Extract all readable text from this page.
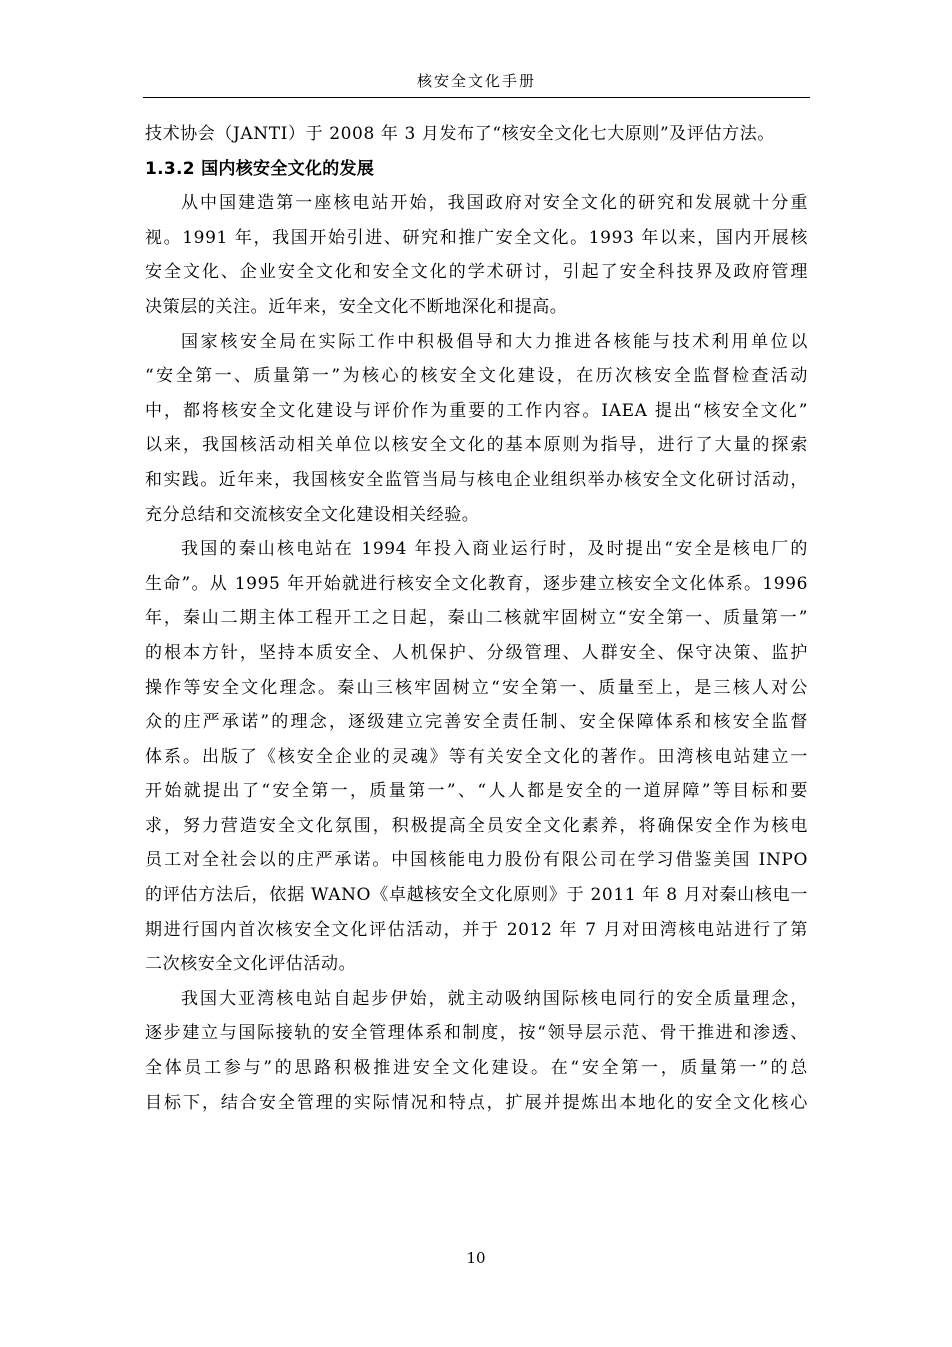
核安全文化手册
技术协会（JANTI）于 2008 年 3 月发布了“核安全文化七大原则”及评估方法。
1.3.2 国内核安全文化的发展
从中国建造第一座核电站开始，我国政府对安全文化的研究和发展就十分重
视。1991 年，我国开始引进、研究和推广安全文化。1993 年以来，国内开展核
安全文化、企业安全文化和安全文化的学术研讨，引起了安全科技界及政府管理
决策层的关注。近年来，安全文化不断地深化和提高。
国家核安全局在实际工作中积极倡导和大力推进各核能与技术利用单位以
“安全第一、质量第一”为核心的核安全文化建设，在历次核安全监督检查活动
中，都将核安全文化建设与评价作为重要的工作内容。IAEA 提出“核安全文化”
以来，我国核活动相关单位以核安全文化的基本原则为指导，进行了大量的探索
和实践。近年来，我国核安全监管当局与核电企业组织举办核安全文化研讨活动，
充分总结和交流核安全文化建设相关经验。
我国的秦山核电站在 1994 年投入商业运行时，及时提出“安全是核电厂的
生命”。从 1995 年开始就进行核安全文化教育，逐步建立核安全文化体系。1996
年，秦山二期主体工程开工之日起，秦山二核就牢固树立“安全第一、质量第一”
的根本方针，坚持本质安全、人机保护、分级管理、人群安全、保守决策、监护
操作等安全文化理念。秦山三核牢固树立“安全第一、质量至上，是三核人对公
众的庄严承诺”的理念，逐级建立完善安全责任制、安全保障体系和核安全监督
体系。出版了《核安全企业的灵魂》等有关安全文化的著作。田湾核电站建立一
开始就提出了“安全第一，质量第一”、“人人都是安全的一道屏障”等目标和要
求，努力营造安全文化氛围，积极提高全员安全文化素养，将确保安全作为核电
员工对全社会以的庄严承诺。中国核能电力股份有限公司在学习借鉴美国 INPO
的评估方法后，依据 WANO《卓越核安全文化原则》于 2011 年 8 月对秦山核电一
期进行国内首次核安全文化评估活动，并于 2012 年 7 月对田湾核电站进行了第
二次核安全文化评估活动。
我国大亚湾核电站自起步伊始，就主动吸纳国际核电同行的安全质量理念，
逐步建立与国际接轨的安全管理体系和制度，按“领导层示范、骨干推进和渗透、
全体员工参与”的思路积极推进安全文化建设。在“安全第一，质量第一”的总
目标下，结合安全管理的实际情况和特点，扩展并提炼出本地化的安全文化核心
10
